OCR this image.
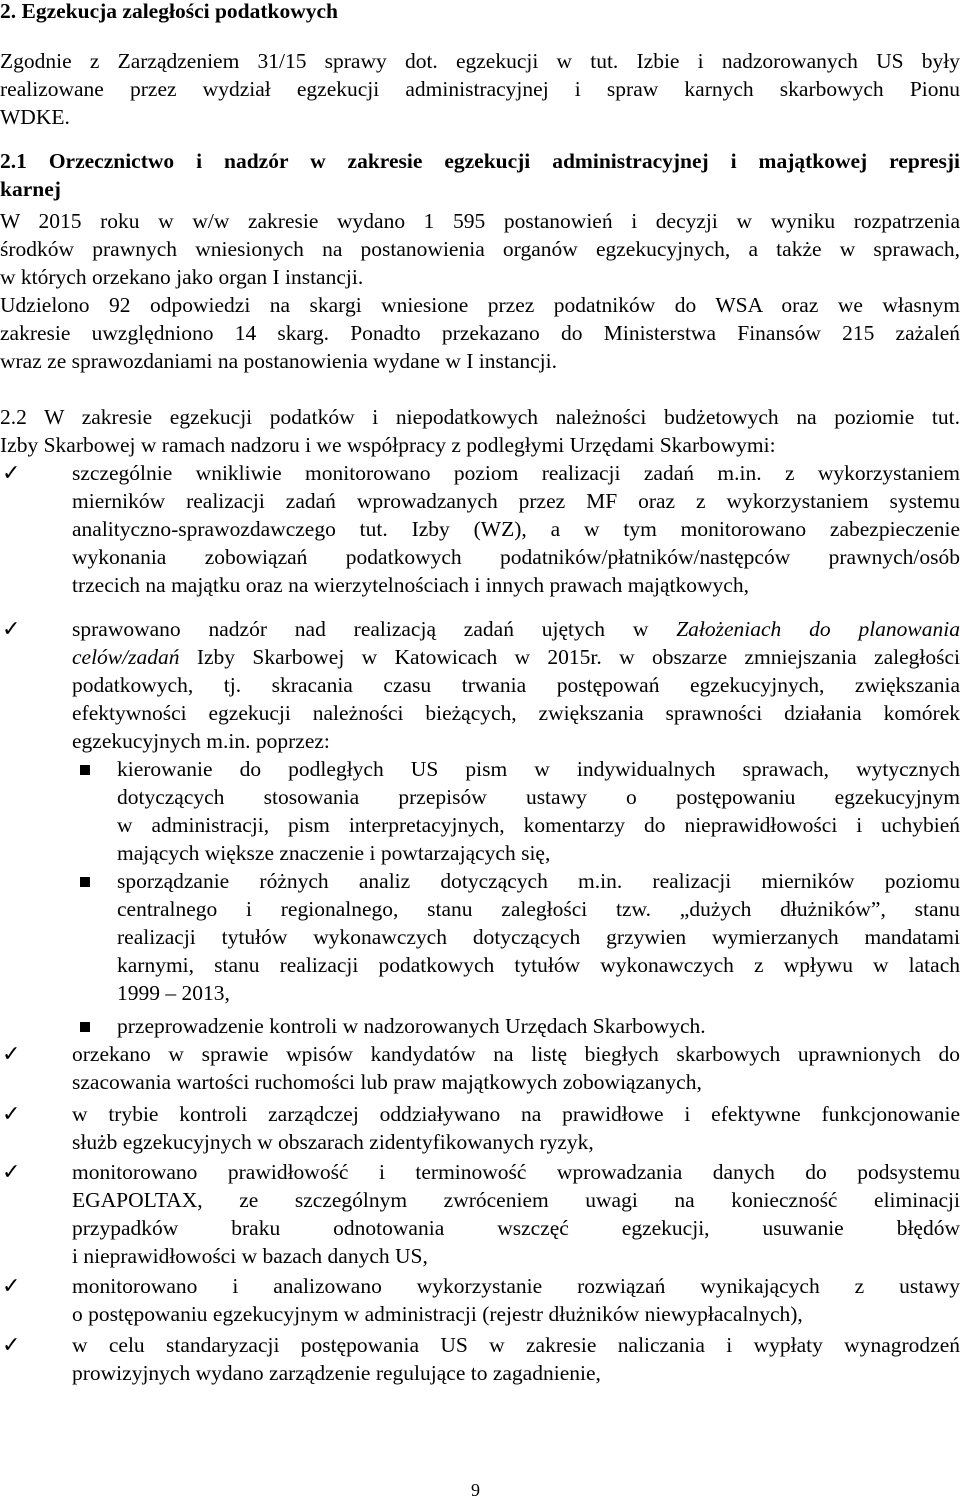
2. Egzekucja zaległości podatkowych
Zgodnie z Zarządzeniem 31/15 sprawy dot. egzekucji w tut. Izbie i nadzorowanych US były
realizowane przez wydział egzekucji administracyjnej i spraw karnych skarbowych Pionu
WDKE.
2.1 Orzecznictwo i nadzór w zakresie egzekucji administracyjnej i majątkowej represji
karnej
W 2015 roku w w/w zakresie wydano 1 595 postanowień i decyzji w wyniku rozpatrzenia
środków prawnych wniesionych na postanowienia organów egzekucyjnych, a także w sprawach,
w których orzekano jako organ I instancji.
Udzielono 92 odpowiedzi na skargi wniesione przez podatników do WSA oraz we własnym
zakresie uwzględniono 14 skarg. Ponadto przekazano do Ministerstwa Finansów 215 zażaleń
wraz ze sprawozdaniami na postanowienia wydane w I instancji.
2.2 W zakresie egzekucji podatków i niepodatkowych należności budżetowych na poziomie tut.
Izby Skarbowej w ramach nadzoru i we współpracy z podległymi Urzędami Skarbowymi:
✓ szczególnie wnikliwie monitorowano poziom realizacji zadań m.in. z wykorzystaniem
mierników realizacji zadań wprowadzanych przez MF oraz z wykorzystaniem systemu
analityczno-sprawozdawczego tut. Izby (WZ), a w tym monitorowano zabezpieczenie
wykonania zobowiązań podatkowych podatników/płatników/następców prawnych/osób
trzecich na majątku oraz na wierzytelnościach i innych prawach majątkowych,
✓ sprawowano nadzór nad realizacją zadań ujętych w Założeniach do planowania
celów/zadań Izby Skarbowej w Katowicach w 2015r. w obszarze zmniejszania zaległości
podatkowych, tj. skracania czasu trwania postępowań egzekucyjnych, zwiększania
efektywności egzekucji należności bieżących, zwiększania sprawności działania komórek
egzekucyjnych m.in. poprzez:
kierowanie do podległych US pism w indywidualnych sprawach, wytycznych
dotyczących stosowania przepisów ustawy o postępowaniu egzekucyjnym
w administracji, pism interpretacyjnych, komentarzy do nieprawidłowości i uchybień
mających większe znaczenie i powtarzających się,
sporządzanie różnych analiz dotyczących m.in. realizacji mierników poziomu
centralnego i regionalnego, stanu zaległości tzw. „dużych dłużników”, stanu
realizacji tytułów wykonawczych dotyczących grzywien wymierzanych mandatami
karnymi, stanu realizacji podatkowych tytułów wykonawczych z wpływu w latach
1999 – 2013,
przeprowadzenie kontroli w nadzorowanych Urzędach Skarbowych.
✓ orzekano w sprawie wpisów kandydatów na listę biegłych skarbowych uprawnionych do
szacowania wartości ruchomości lub praw majątkowych zobowiązanych,
✓ w trybie kontroli zarządczej oddziaływano na prawidłowe i efektywne funkcjonowanie
służb egzekucyjnych w obszarach zidentyfikowanych ryzyk,
✓ monitorowano prawidłowość i terminowość wprowadzania danych do podsystemu
EGAPOLTAX, ze szczególnym zwróceniem uwagi na konieczność eliminacji
przypadków braku odnotowania wszczęć egzekucji, usuwanie błędów
i nieprawidłowości w bazach danych US,
✓ monitorowano i analizowano wykorzystanie rozwiązań wynikających z ustawy
o postępowaniu egzekucyjnym w administracji (rejestr dłużników niewypłacalnych),
✓ w celu standaryzacji postępowania US w zakresie naliczania i wypłaty wynagrodzeń
prowizyjnych wydano zarządzenie regulujące to zagadnienie,
9
